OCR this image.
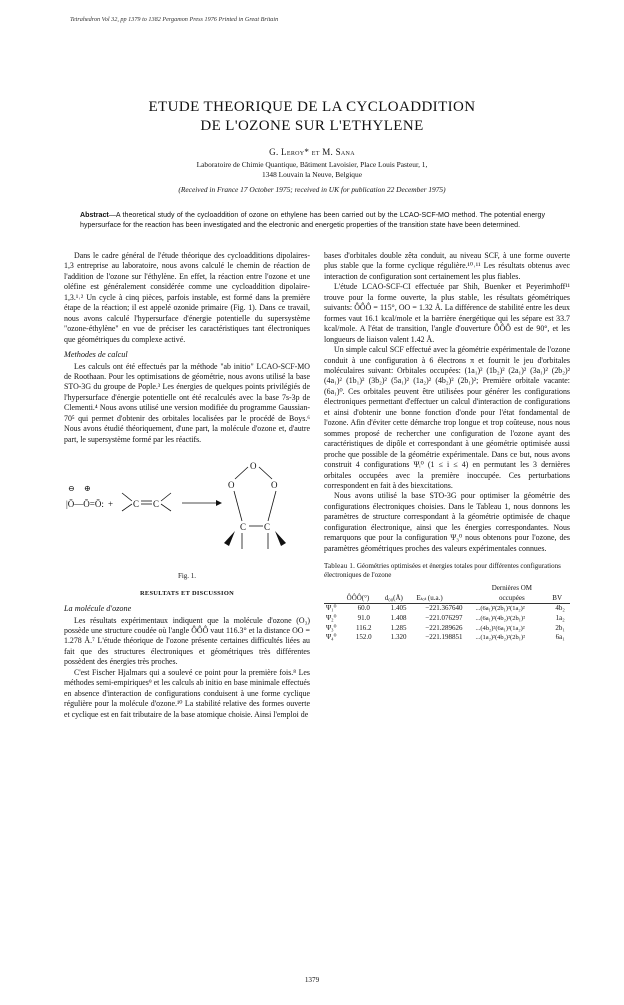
Tetrahedron Vol 32, pp 1379 to 1382 Pergamon Press 1976 Printed in Great Britain
ETUDE THEORIQUE DE LA CYCLOADDITION
DE L'OZONE SUR L'ETHYLENE
G. Leroy* et M. Sana
Laboratoire de Chimie Quantique, Bâtiment Lavoisier, Place Louis Pasteur, 1,
1348 Louvain la Neuve, Belgique
(Received in France 17 October 1975; received in UK for publication 22 December 1975)
Abstract—A theoretical study of the cycloaddition of ozone on ethylene has been carried out by the LCAO-SCF-MO method. The potential energy hypersurface for the reaction has been investigated and the electronic and energetic properties of the transition state have been determined.

Dans le cadre général de l'étude théorique des cycloadditions dipolaires-1,3 entreprise au laboratoire, nous avons calculé le chemin de réaction de l'addition de l'ozone sur l'éthylène. En effet, la réaction entre l'ozone et une oléfine est généralement considérée comme une cycloaddition dipolaire-1,3.¹˒² Un cycle à cinq pièces, parfois instable, est formé dans la première étape de la réaction; il est appelé ozonide primaire (Fig. 1). Dans ce travail, nous avons calculé l'hypersurface d'énergie potentielle du supersystème "ozone-éthylène" en vue de préciser les caractéristiques tant électroniques que géométriques du complexe activé.

Methodes de calcul

Les calculs ont été effectués par la méthode "ab initio" LCAO-SCF-MO de Roothaan. Pour les optimisations de géométrie, nous avons utilisé la base STO-3G du groupe de Pople.³ Les énergies de quelques points privilégiés de l'hypersurface d'énergie potentielle ont été recalculés avec la base 7s-3p de Clementi.⁴ Nous avons utilisé une version modifiée du programme Gaussian-70⁵ qui permet d'obtenir des orbitales localisées par le procédé de Boys.⁶ Nous avons étudié théoriquement, d'une part, la molécule d'ozone et, d'autre part, le supersystème formé par les réactifs.

⊖ ⊕
|Ō—Ō=Ō: + C C
O
O	O
C C
Fig. 1.
RESULTATS ET DISCUSSION
La molécule d'ozone

Les résultats expérimentaux indiquent que la molécule d'ozone (O₃) possède une structure coudée où l'angle ÔÔÔ vaut 116.3° et la distance OO = 1.278 Å.⁷ L'étude théorique de l'ozone présente certaines difficultés liées au fait que des structures électroniques et géométriques très différentes possèdent des énergies très proches.

C'est Fischer Hjalmars qui a soulevé ce point pour la première fois.⁸ Les méthodes semi-empiriques⁹ et les calculs ab initio en base minimale effectués en absence d'interaction de configurations conduisent à une forme cyclique régulière pour la molécule d'ozone.¹⁰ La stabilité relative des formes ouverte et cyclique est en fait tributaire de la base atomique choisie. Ainsi l'emploi de

bases d'orbitales double zêta conduit, au niveau SCF, à une forme ouverte plus stable que la forme cyclique régulière.¹⁰˒¹¹ Les résultats obtenus avec interaction de configuration sont certainement les plus fiables.

L'étude LCAO-SCF-CI effectuée par Shih, Buenker et Peyerimhoff¹¹ trouve pour la forme ouverte, la plus stable, les résultats géométriques suivants: ÔÔÔ = 115°, OO = 1.32 Å. La différence de stabilité entre les deux formes vaut 16.1 kcal/mole et la barrière énergétique qui les sépare est 33.7 kcal/mole. A l'état de transition, l'angle d'ouverture ÔÔÔ est de 90°, et les longueurs de liaison valent 1.42 Å.

Un simple calcul SCF effectué avec la géométrie expérimentale de l'ozone conduit à une configuration à 6 électrons π et fournit le jeu d'orbitales moléculaires suivant: Orbitales occupées: (1a₁)² (1b₂)² (2a₁)² (3a₁)² (2b₂)² (4a₁)² (1b₁)² (3b₂)² (5a₁)² (1a₂)² (4b₂)² (2b₁)²; Première orbitale vacante: (6a₁)⁰. Ces orbitales peuvent être utilisées pour générer les configurations électroniques permettant d'effectuer un calcul d'interaction de configurations et ainsi d'obtenir une bonne fonction d'onde pour l'état fondamental de l'ozone. Afin d'éviter cette démarche trop longue et trop coûteuse, nous nous sommes proposé de rechercher une configuration de l'ozone ayant des caractéristiques de dipôle et correspondant à une géométrie optimisée aussi proche que possible de la géométrie expérimentale. Dans ce but, nous avons construit 4 configurations Ψᵢ⁰ (1 ≤ i ≤ 4) en permutant les 3 dernières orbitales occupées avec la première inoccupée. Ces perturbations correspondent en fait à des biexcitations.

Nous avons utilisé la base STO-3G pour optimiser la géométrie des configurations électroniques choisies. Dans le Tableau 1, nous donnons les paramètres de structure correspondant à la géométrie optimisée de chaque configuration électronique, ainsi que les énergies correspondantes. Nous remarquons que pour la configuration Ψ₃⁰ nous obtenons pour l'ozone, des paramètres géométriques proches des valeurs expérimentales connues.

Tableau 1. Géométries optimisées et énergies totales pour différentes configurations électroniques de l'ozone
				Dernières OM	
	ÔÔÔ(°)	d₀₀(Å)	Eₜₒₜ (u.a.)	occupées	BV
Ψ₁⁰	60.0	1.405	−221.367640	...(6a₁)²(2b₁)²(1a₂)²	4b₂
Ψ₂⁰	91.0	1.408	−221.076297	...(6a₁)²(4b₂)²(2b₁)²	1a₂
Ψ₃⁰	116.2	1.285	−221.289626	...(4b₂)²(6a₁)²(1a₂)²	2b₁
Ψ₄⁰	152.0	1.320	−221.198851	...(1a₂)²(4b₂)²(2b₁)²	6a₁
1379
